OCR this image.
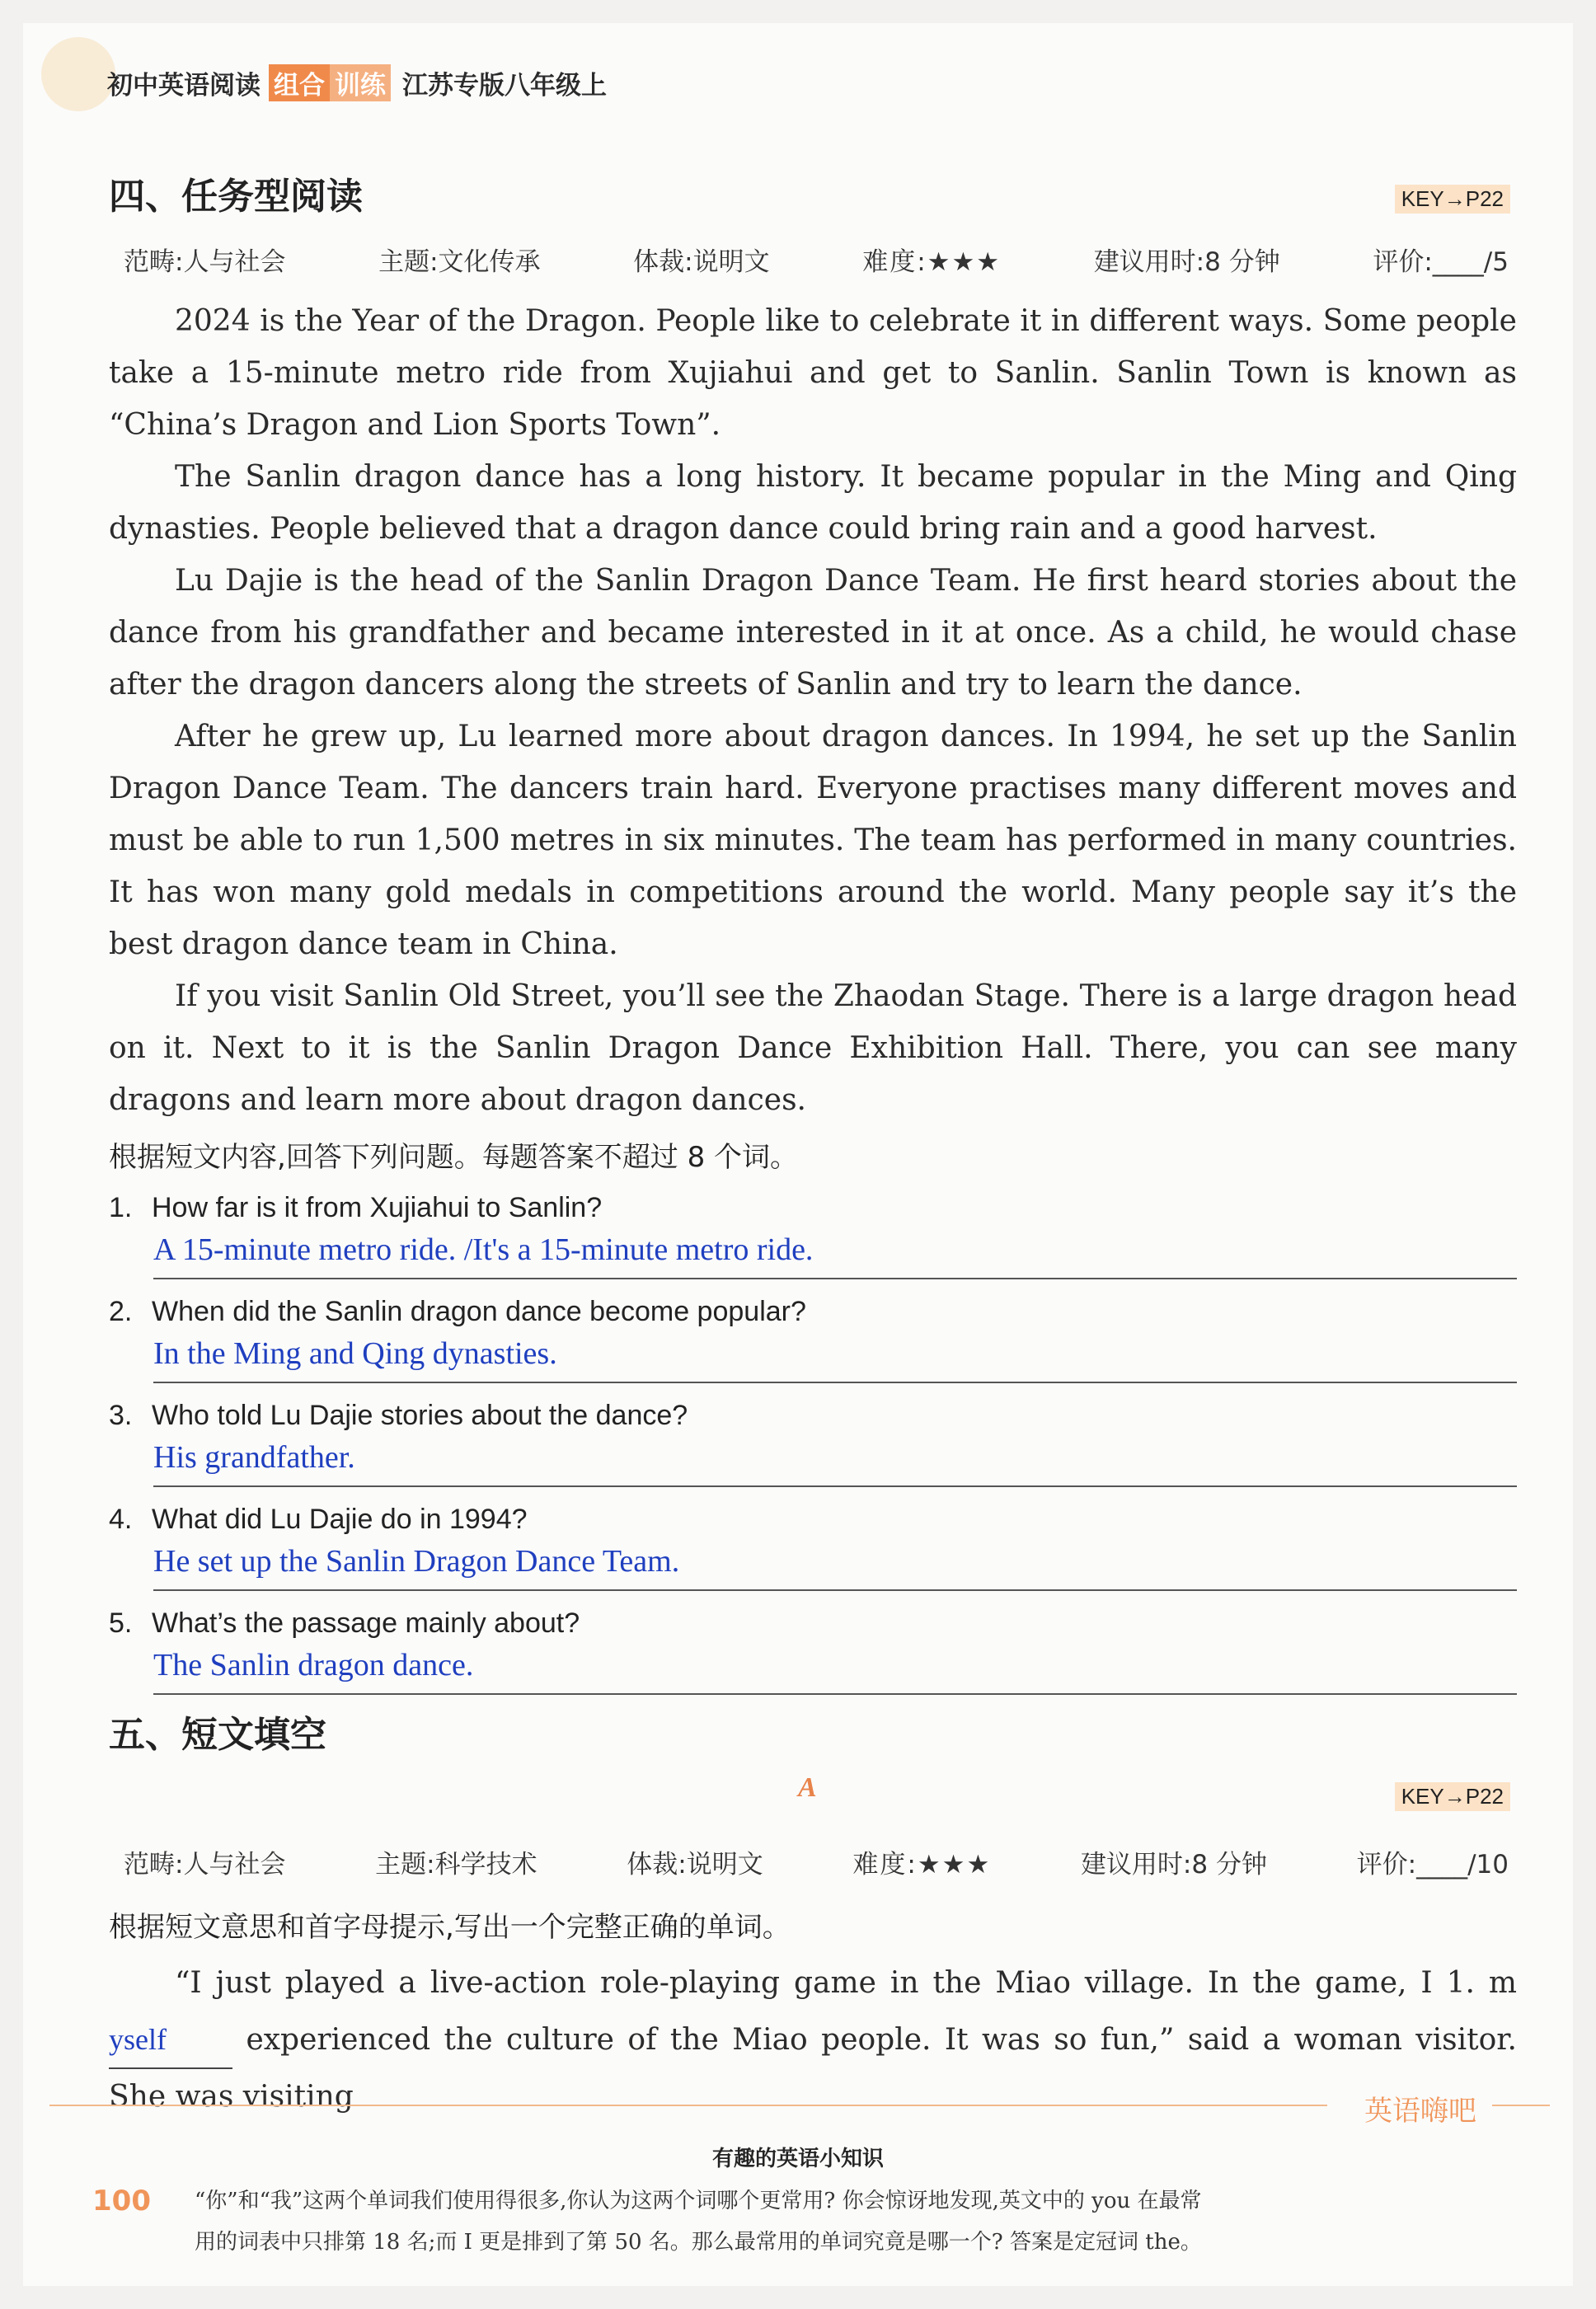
初中英语阅读 组合 训练 江苏专版八年级上
四、任务型阅读	KEY→P22
范畴:人与社会	主题:文化传承	体裁:说明文	难度:★★★	建议用时:8 分钟	评价:____/5

2024 is the Year of the Dragon. People like to celebrate it in different ways. Some people take a 15-minute metro ride from Xujiahui and get to Sanlin. Sanlin Town is known as “China’s Dragon and Lion Sports Town”.

The Sanlin dragon dance has a long history. It became popular in the Ming and Qing dynasties. People believed that a dragon dance could bring rain and a good harvest.

Lu Dajie is the head of the Sanlin Dragon Dance Team. He first heard stories about the dance from his grandfather and became interested in it at once. As a child, he would chase after the dragon dancers along the streets of Sanlin and try to learn the dance.

After he grew up, Lu learned more about dragon dances. In 1994, he set up the Sanlin Dragon Dance Team. The dancers train hard. Everyone practises many different moves and must be able to run 1,500 metres in six minutes. The team has performed in many countries. It has won many gold medals in competitions around the world. Many people say it’s the best dragon dance team in China.

If you visit Sanlin Old Street, you’ll see the Zhaodan Stage. There is a large dragon head on it. Next to it is the Sanlin Dragon Dance Exhibition Hall. There, you can see many dragons and learn more about dragon dances.

根据短文内容,回答下列问题。每题答案不超过 8 个词。
1. How far is it from Xujiahui to Sanlin?
A 15-minute metro ride. /It's a 15-minute metro ride.
2. When did the Sanlin dragon dance become popular?
In the Ming and Qing dynasties.
3. Who told Lu Dajie stories about the dance?
His grandfather.
4. What did Lu Dajie do in 1994?
He set up the Sanlin Dragon Dance Team.
5. What’s the passage mainly about?
The Sanlin dragon dance.
五、短文填空
A	KEY→P22
范畴:人与社会	主题:科学技术	体裁:说明文	难度:★★★	建议用时:8 分钟	评价:____/10
根据短文意思和首字母提示,写出一个完整正确的单词。

“I just played a live-action role-playing game in the Miao village. In the game, I 1. myself	experienced the culture of the Miao people. It was so fun,” said a woman visitor. She was visiting	英语嗨吧
有趣的英语小知识
“你”和“我”这两个单词我们使用得很多,你认为这两个词哪个更常用? 你会惊讶地发现,英文中的 you 在最常
用的词表中只排第 18 名;而 I 更是排到了第 50 名。那么最常用的单词究竟是哪一个? 答案是定冠词 the。
100
